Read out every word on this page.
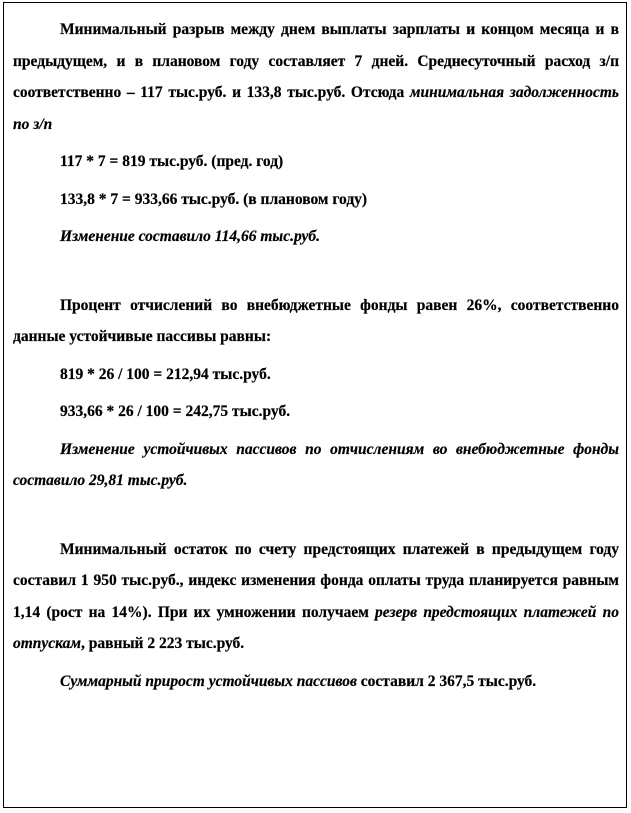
Минимальный разрыв между днем выплаты зарплаты и концом месяца и в предыдущем, и в плановом году составляет 7 дней. Среднесуточный расход з/п соответственно – 117 тыс.руб. и 133,8 тыс.руб. Отсюда минимальная задолженность по з/п

117 * 7 = 819 тыс.руб. (пред. год)

133,8 * 7 = 933,66 тыс.руб. (в плановом году)

Изменение составило 114,66 тыс.руб.

Процент отчислений во внебюджетные фонды равен 26%, соответственно данные устойчивые пассивы равны:

819 * 26 / 100 = 212,94 тыс.руб.

933,66 * 26 / 100 = 242,75 тыс.руб.

Изменение устойчивых пассивов по отчислениям во внебюджетные фонды составило 29,81 тыс.руб.

Минимальный остаток по счету предстоящих платежей в предыдущем году составил 1 950 тыс.руб., индекс изменения фонда оплаты труда планируется равным 1,14 (рост на 14%). При их умножении получаем резерв предстоящих платежей по отпускам, равный 2 223 тыс.руб.

Суммарный прирост устойчивых пассивов составил 2 367,5 тыс.руб.
